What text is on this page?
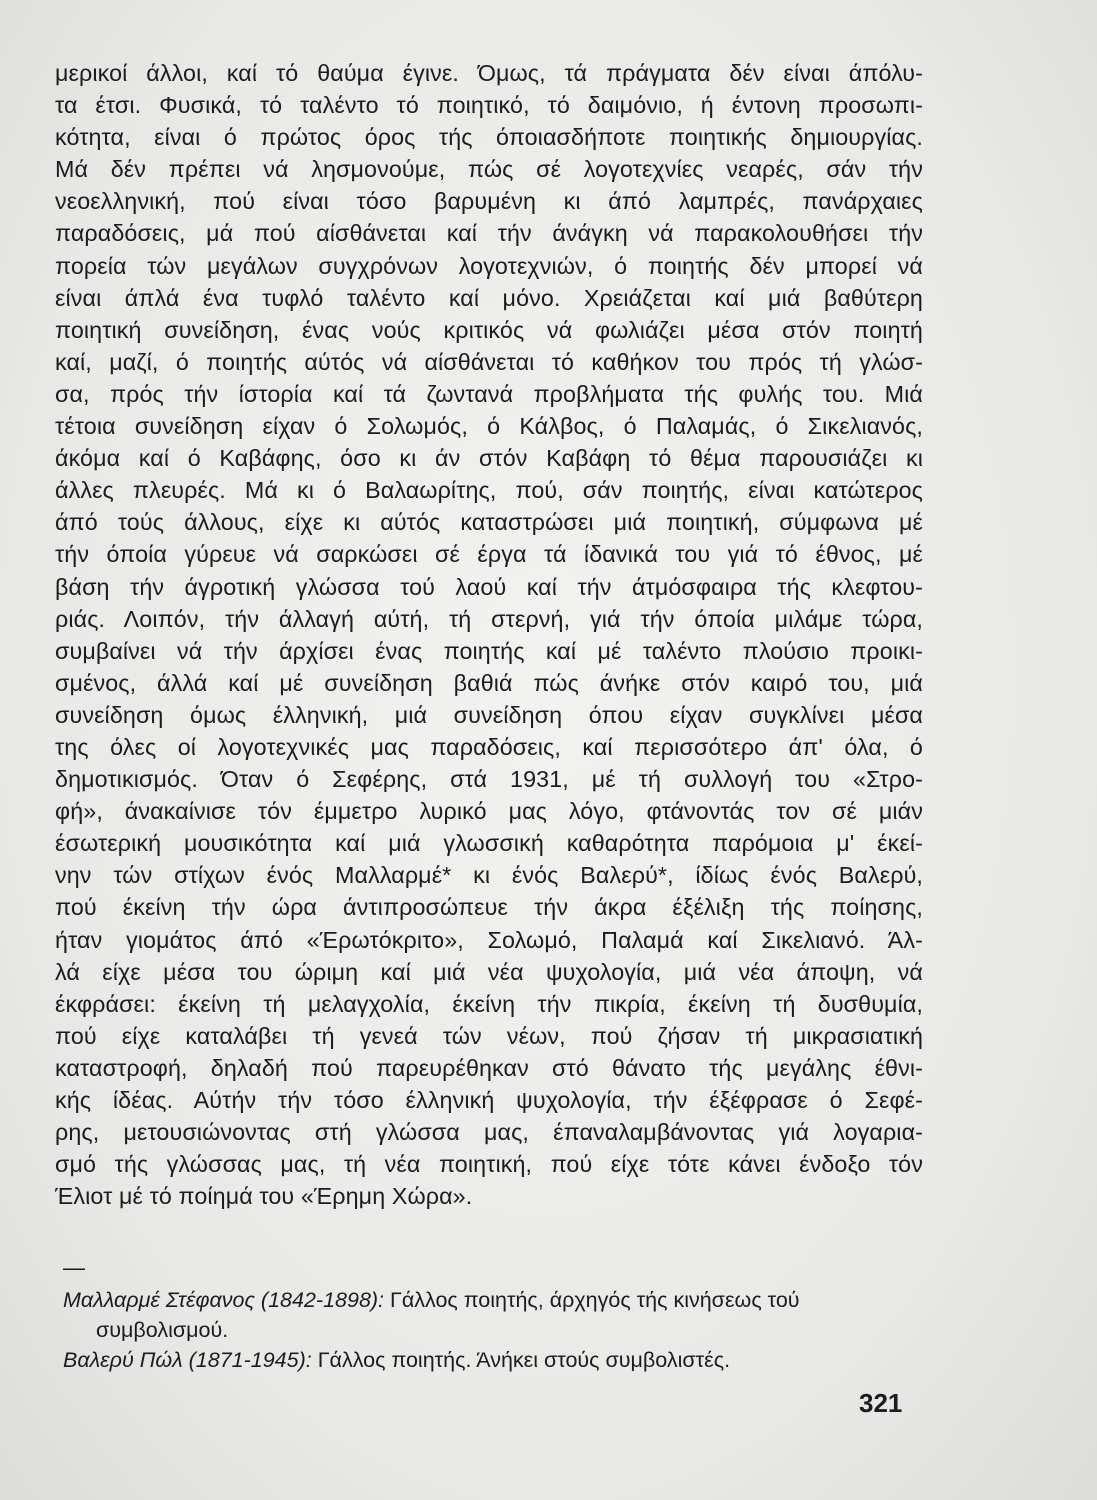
μερικοί άλλοι, καί τό θαύμα έγινε. Όμως, τά πράγματα δέν είναι άπόλυ-
τα έτσι. Φυσικά, τό ταλέντο τό ποιητικό, τό δαιμόνιο, ή έντονη προσωπι-
κότητα, είναι ό πρώτος όρος τής όποιασδήποτε ποιητικής δημιουργίας.
Μά δέν πρέπει νά λησμονούμε, πώς σέ λογοτεχνίες νεαρές, σάν τήν
νεοελληνική, πού είναι τόσο βαρυμένη κι άπό λαμπρές, πανάρχαιες
παραδόσεις, μά πού αίσθάνεται καί τήν άνάγκη νά παρακολουθήσει τήν
πορεία τών μεγάλων συγχρόνων λογοτεχνιών, ό ποιητής δέν μπορεί νά
είναι άπλά ένα τυφλό ταλέντο καί μόνο. Χρειάζεται καί μιά βαθύτερη
ποιητική συνείδηση, ένας νούς κριτικός νά φωλιάζει μέσα στόν ποιητή
καί, μαζί, ό ποιητής αύτός νά αίσθάνεται τό καθήκον του πρός τή γλώσ-
σα, πρός τήν ίστορία καί τά ζωντανά προβλήματα τής φυλής του. Μιά
τέτοια συνείδηση είχαν ό Σολωμός, ό Κάλβος, ό Παλαμάς, ό Σικελιανός,
άκόμα καί ό Καβάφης, όσο κι άν στόν Καβάφη τό θέμα παρουσιάζει κι
άλλες πλευρές. Μά κι ό Βαλαωρίτης, πού, σάν ποιητής, είναι κατώτερος
άπό τούς άλλους, είχε κι αύτός καταστρώσει μιά ποιητική, σύμφωνα μέ
τήν όποία γύρευε νά σαρκώσει σέ έργα τά ίδανικά του γιά τό έθνος, μέ
βάση τήν άγροτική γλώσσα τού λαού καί τήν άτμόσφαιρα τής κλεφτου-
ριάς. Λοιπόν, τήν άλλαγή αύτή, τή στερνή, γιά τήν όποία μιλάμε τώρα,
συμβαίνει νά τήν άρχίσει ένας ποιητής καί μέ ταλέντο πλούσιο προικι-
σμένος, άλλά καί μέ συνείδηση βαθιά πώς άνήκε στόν καιρό του, μιά
συνείδηση όμως έλληνική, μιά συνείδηση όπου είχαν συγκλίνει μέσα
της όλες οί λογοτεχνικές μας παραδόσεις, καί περισσότερο άπ' όλα, ό
δημοτικισμός. Όταν ό Σεφέρης, στά 1931, μέ τή συλλογή του «Στρο-
φή», άνακαίνισε τόν έμμετρο λυρικό μας λόγο, φτάνοντάς τον σέ μιάν
έσωτερική μουσικότητα καί μιά γλωσσική καθαρότητα παρόμοια μ' έκεί-
νην τών στίχων ένός Μαλλαρμέ* κι ένός Βαλερύ*, ίδίως ένός Βαλερύ,
πού έκείνη τήν ώρα άντιπροσώπευε τήν άκρα έξέλιξη τής ποίησης,
ήταν γιομάτος άπό «Έρωτόκριτο», Σολωμό, Παλαμά καί Σικελιανό. Άλ-
λά είχε μέσα του ώριμη καί μιά νέα ψυχολογία, μιά νέα άποψη, νά
έκφράσει: έκείνη τή μελαγχολία, έκείνη τήν πικρία, έκείνη τή δυσθυμία,
πού είχε καταλάβει τή γενεά τών νέων, πού ζήσαν τή μικρασιατική
καταστροφή, δηλαδή πού παρευρέθηκαν στό θάνατο τής μεγάλης έθνι-
κής ίδέας. Αύτήν τήν τόσο έλληνική ψυχολογία, τήν έξέφρασε ό Σεφέ-
ρης, μετουσιώνοντας στή γλώσσα μας, έπαναλαμβάνοντας γιά λογαρια-
σμό τής γλώσσας μας, τή νέα ποιητική, πού είχε τότε κάνει ένδοξο τόν
Έλιοτ μέ τό ποίημά του «Έρημη Χώρα».
—
Μαλλαρμέ Στέφανος (1842-1898): Γάλλος ποιητής, άρχηγός τής κινήσεως τού
συμβολισμού.
Βαλερύ Πώλ (1871-1945): Γάλλος ποιητής. Άνήκει στούς συμβολιστές.
321
